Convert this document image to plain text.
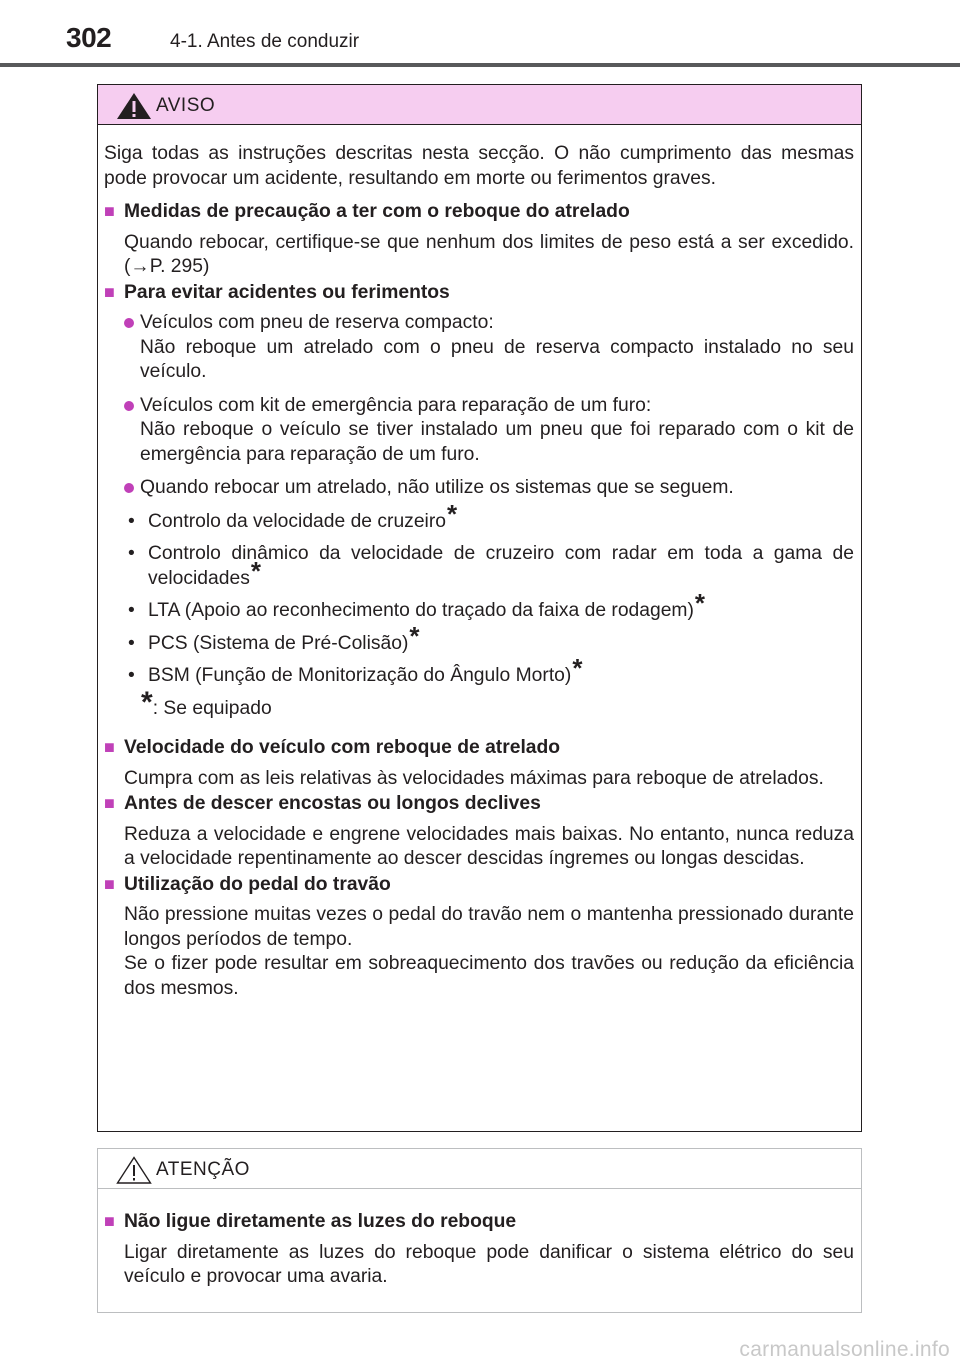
302	4-1. Antes de conduzir
AVISO

Siga todas as instruções descritas nesta secção. O não cumprimento das mesmas pode provocar um acidente, resultando em morte ou ferimentos graves.

■ Medidas de precaução a ter com o reboque do atrelado

Quando rebocar, certifique-se que nenhum dos limites de peso está a ser excedido.(→P. 295)

■ Para evitar acidentes ou ferimentos
Veículos com pneu de reserva compacto:
Não reboque um atrelado com o pneu de reserva compacto instalado no seu veículo.
Veículos com kit de emergência para reparação de um furo:
Não reboque o veículo se tiver instalado um pneu que foi reparado com o kit de emergência para reparação de um furo.
Quando rebocar um atrelado, não utilize os sistemas que se seguem.
• Controlo da velocidade de cruzeiro*
• Controlo dinâmico da velocidade de cruzeiro com radar em toda a gama de velocidades*
• LTA (Apoio ao reconhecimento do traçado da faixa de rodagem)*
• PCS (Sistema de Pré-Colisão)*
• BSM (Função de Monitorização do Ângulo Morto)*
*: Se equipado
■ Velocidade do veículo com reboque de atrelado

Cumpra com as leis relativas às velocidades máximas para reboque de atrelados.

■ Antes de descer encostas ou longos declives

Reduza a velocidade e engrene velocidades mais baixas. No entanto, nunca reduza a velocidade repentinamente ao descer descidas íngremes ou longas descidas.

■ Utilização do pedal do travão

Não pressione muitas vezes o pedal do travão nem o mantenha pressionado durante longos períodos de tempo.

Se o fizer pode resultar em sobreaquecimento dos travões ou redução da eficiência dos mesmos.

ATENÇÃO
■ Não ligue diretamente as luzes do reboque

Ligar diretamente as luzes do reboque pode danificar o sistema elétrico do seu veículo e provocar uma avaria.

carmanualsonline.info
